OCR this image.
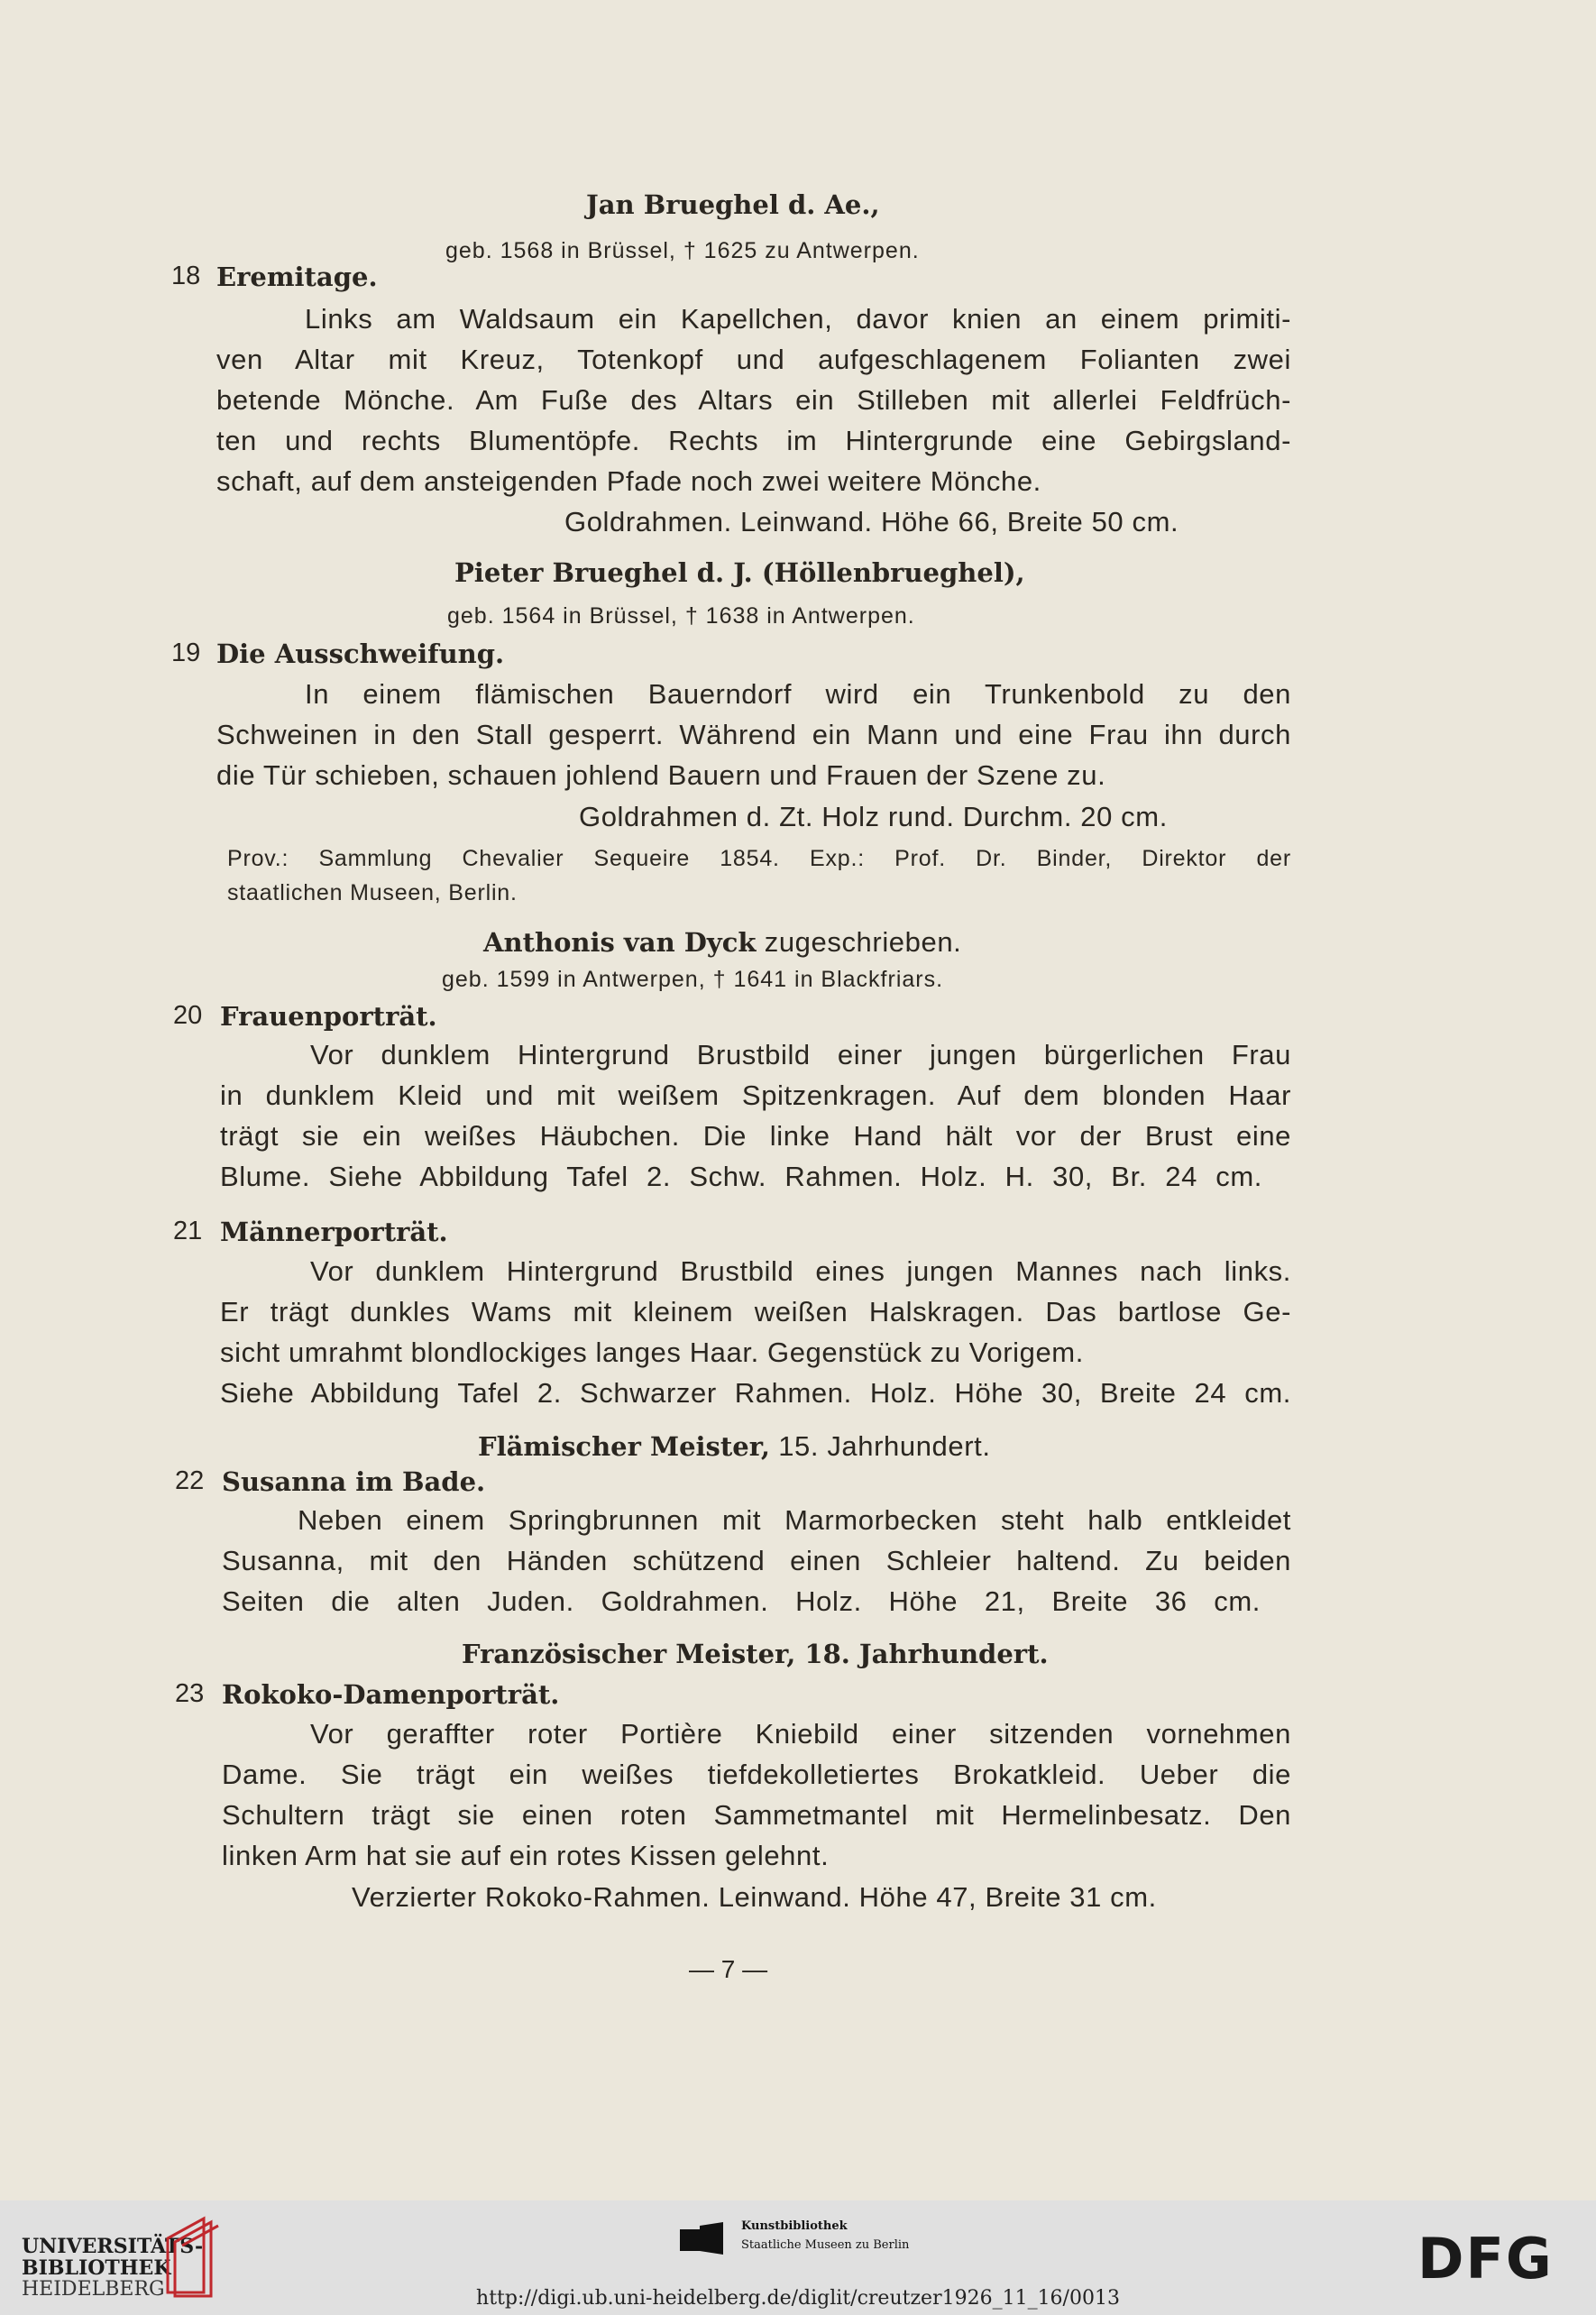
Jan Brueghel d. Ae.,
geb. 1568 in Brüssel, † 1625 zu Antwerpen.
18 Eremitage.
Links am Waldsaum ein Kapellchen, davor knien an einem primiti-
ven Altar mit Kreuz, Totenkopf und aufgeschlagenem Folianten zwei
betende Mönche. Am Fuße des Altars ein Stilleben mit allerlei Feldfrüch-
ten und rechts Blumentöpfe. Rechts im Hintergrunde eine Gebirgsland-
schaft, auf dem ansteigenden Pfade noch zwei weitere Mönche.
Goldrahmen. Leinwand. Höhe 66, Breite 50 cm.
Pieter Brueghel d. J. (Höllenbrueghel),
geb. 1564 in Brüssel, † 1638 in Antwerpen.
19 Die Ausschweifung.
In einem flämischen Bauerndorf wird ein Trunkenbold zu den
Schweinen in den Stall gesperrt. Während ein Mann und eine Frau ihn durch
die Tür schieben, schauen johlend Bauern und Frauen der Szene zu.
Goldrahmen d. Zt. Holz rund. Durchm. 20 cm.
Prov.: Sammlung Chevalier Sequeire 1854. Exp.: Prof. Dr. Binder, Direktor der
staatlichen Museen, Berlin.
Anthonis van Dyck zugeschrieben.
geb. 1599 in Antwerpen, † 1641 in Blackfriars.
20 Frauenporträt.
Vor dunklem Hintergrund Brustbild einer jungen bürgerlichen Frau
in dunklem Kleid und mit weißem Spitzenkragen. Auf dem blonden Haar
trägt sie ein weißes Häubchen. Die linke Hand hält vor der Brust eine
Blume. Siehe Abbildung Tafel 2. Schw. Rahmen. Holz. H. 30, Br. 24 cm.
21 Männerporträt.
Vor dunklem Hintergrund Brustbild eines jungen Mannes nach links.
Er trägt dunkles Wams mit kleinem weißen Halskragen. Das bartlose Ge-
sicht umrahmt blondlockiges langes Haar. Gegenstück zu Vorigem.
Siehe Abbildung Tafel 2. Schwarzer Rahmen. Holz. Höhe 30, Breite 24 cm.
Flämischer Meister, 15. Jahrhundert.
22 Susanna im Bade.
Neben einem Springbrunnen mit Marmorbecken steht halb entkleidet
Susanna, mit den Händen schützend einen Schleier haltend. Zu beiden
Seiten die alten Juden. Goldrahmen. Holz. Höhe 21, Breite 36 cm.
Französischer Meister, 18. Jahrhundert.
23 Rokoko-Damenporträt.
Vor geraffter roter Portière Kniebild einer sitzenden vornehmen
Dame. Sie trägt ein weißes tiefdekolletiertes Brokatkleid. Ueber die
Schultern trägt sie einen roten Sammetmantel mit Hermelinbesatz. Den
linken Arm hat sie auf ein rotes Kissen gelehnt.
Verzierter Rokoko-Rahmen. Leinwand. Höhe 47, Breite 31 cm.
— 7 —
UNIVERSITÄTS-
BIBLIOTHEK
HEIDELBERG
Kunstbibliothek
Staatliche Museen zu Berlin	DFG
http://digi.ub.uni-heidelberg.de/diglit/creutzer1926_11_16/0013
